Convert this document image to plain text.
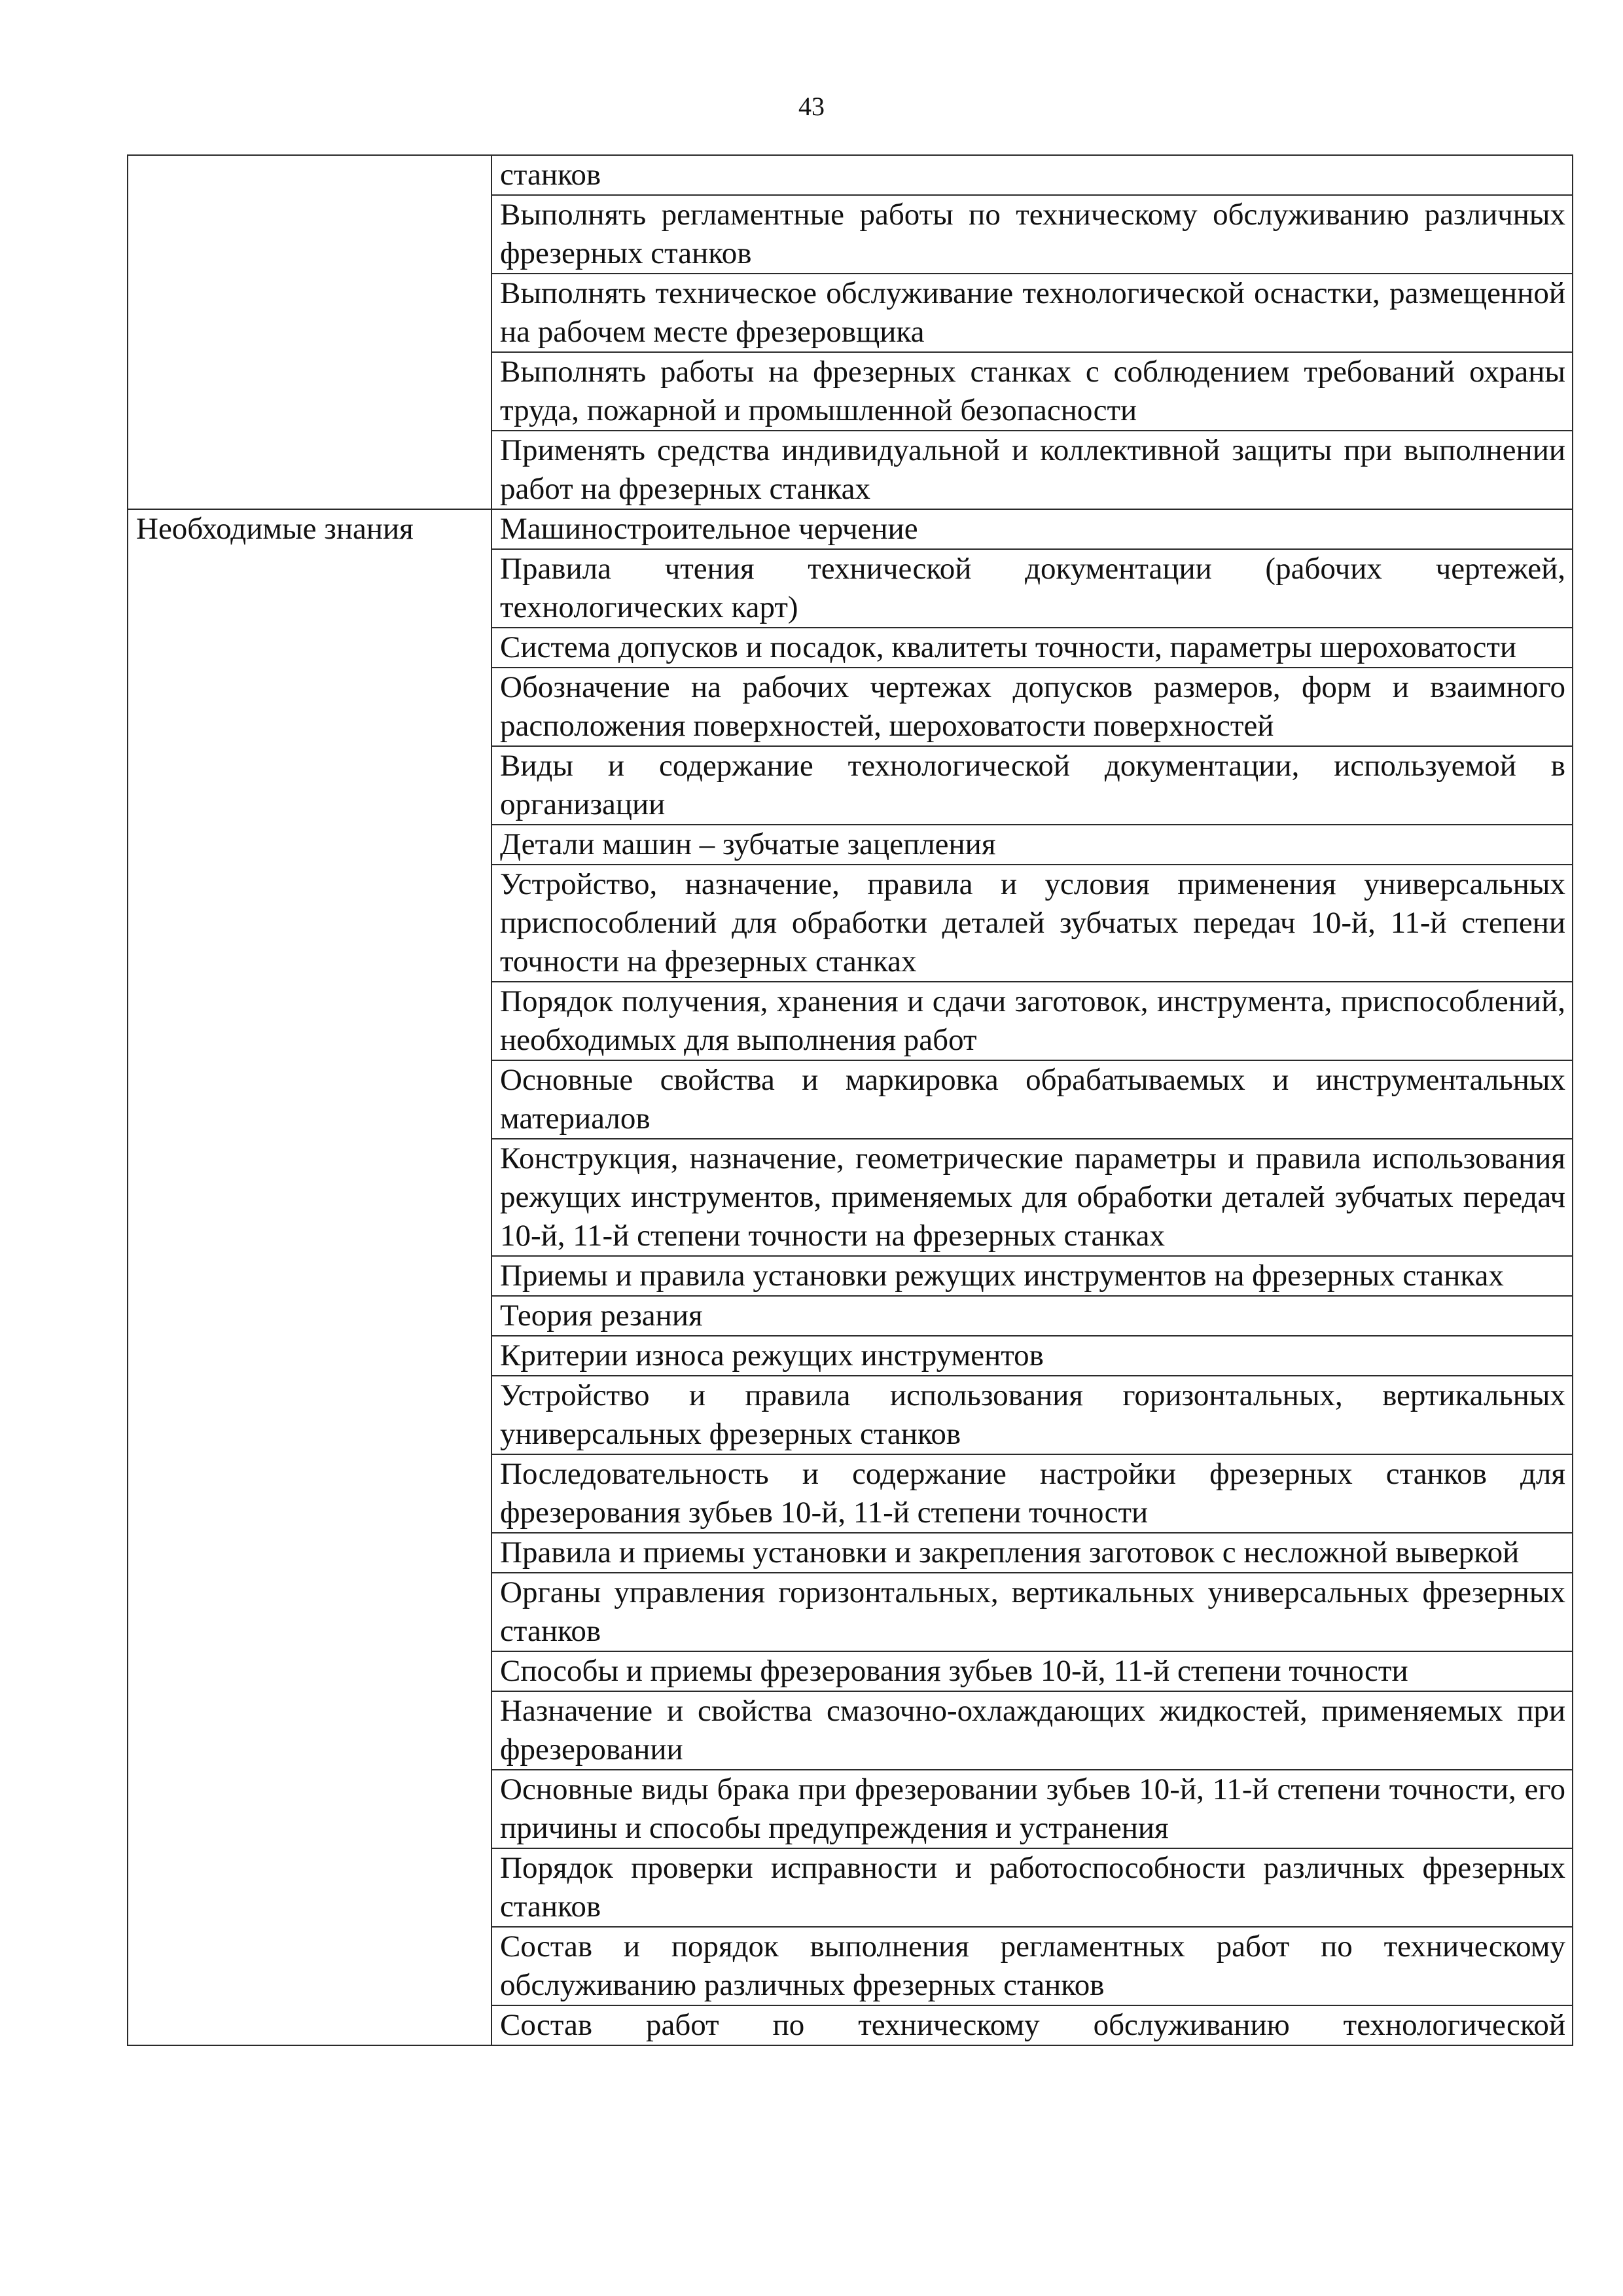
43
	станков
	Выполнять регламентные работы по техническому обслуживанию различных фрезерных станков
	Выполнять техническое обслуживание технологической оснастки, размещенной на рабочем месте фрезеровщика
	Выполнять работы на фрезерных станках с соблюдением требований охраны труда, пожарной и промышленной безопасности
	Применять средства индивидуальной и коллективной защиты при выполнении работ на фрезерных станках
Необходимые знания	Машиностроительное черчение
	Правила чтения технической документации (рабочих чертежей, технологических карт)
	Система допусков и посадок, квалитеты точности, параметры шероховатости
	Обозначение на рабочих чертежах допусков размеров, форм и взаимного расположения поверхностей, шероховатости поверхностей
	Виды и содержание технологической документации, используемой в организации
	Детали машин – зубчатые зацепления
	Устройство, назначение, правила и условия применения универсальных приспособлений для обработки деталей зубчатых передач 10-й, 11-й степени точности на фрезерных станках
	Порядок получения, хранения и сдачи заготовок, инструмента, приспособлений, необходимых для выполнения работ
	Основные свойства и маркировка обрабатываемых и инструментальных материалов
	Конструкция, назначение, геометрические параметры и правила использования режущих инструментов, применяемых для обработки деталей зубчатых передач 10-й, 11-й степени точности на фрезерных станках
	Приемы и правила установки режущих инструментов на фрезерных станках
	Теория резания
	Критерии износа режущих инструментов
	Устройство и правила использования горизонтальных, вертикальных универсальных фрезерных станков
	Последовательность и содержание настройки фрезерных станков для фрезерования зубьев 10-й, 11-й степени точности
	Правила и приемы установки и закрепления заготовок с несложной выверкой
	Органы управления горизонтальных, вертикальных универсальных фрезерных станков
	Способы и приемы фрезерования зубьев 10-й, 11-й степени точности
	Назначение и свойства смазочно-охлаждающих жидкостей, применяемых при фрезеровании
	Основные виды брака при фрезеровании зубьев 10-й, 11-й степени точности, его причины и способы предупреждения и устранения
	Порядок проверки исправности и работоспособности различных фрезерных станков
	Состав и порядок выполнения регламентных работ по техническому обслуживанию различных фрезерных станков
	Состав работ по техническому обслуживанию технологической
